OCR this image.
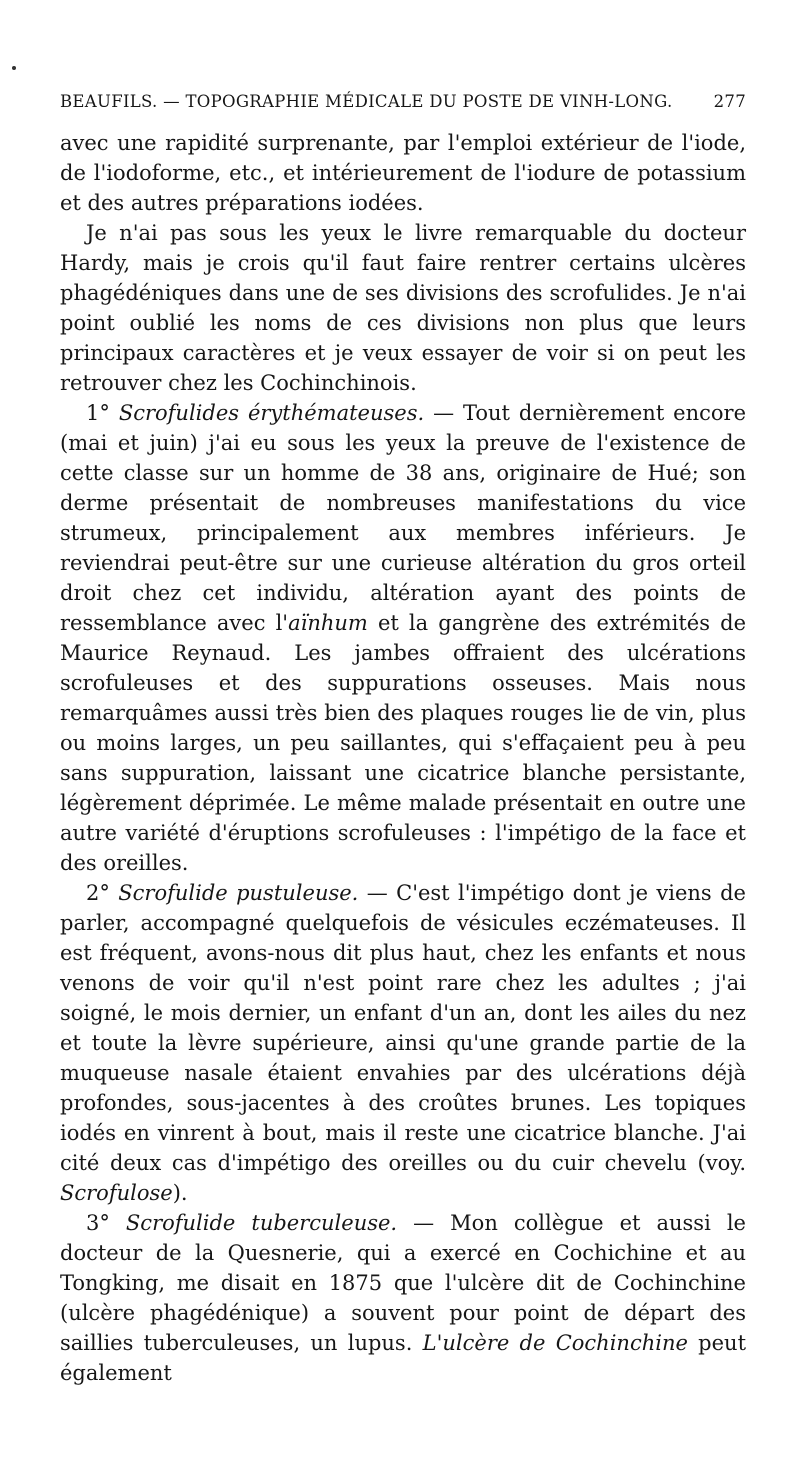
BEAUFILS. — TOPOGRAPHIE MÉDICALE DU POSTE DE VINH-LONG. 277

avec une rapidité surprenante, par l'emploi extérieur de l'iode, de l'iodoforme, etc., et intérieurement de l'iodure de potassium et des autres préparations iodées.

Je n'ai pas sous les yeux le livre remarquable du docteur Hardy, mais je crois qu'il faut faire rentrer certains ulcères phagédéniques dans une de ses divisions des scrofulides. Je n'ai point oublié les noms de ces divisions non plus que leurs principaux caractères et je veux essayer de voir si on peut les retrouver chez les Cochinchinois.

1° Scrofulides érythémateuses. — Tout dernièrement encore (mai et juin) j'ai eu sous les yeux la preuve de l'existence de cette classe sur un homme de 38 ans, originaire de Hué; son derme présentait de nombreuses manifestations du vice strumeux, principalement aux membres inférieurs. Je reviendrai peut-être sur une curieuse altération du gros orteil droit chez cet individu, altération ayant des points de ressemblance avec l'aïnhum et la gangrène des extrémités de Maurice Reynaud. Les jambes offraient des ulcérations scrofuleuses et des suppurations osseuses. Mais nous remarquâmes aussi très bien des plaques rouges lie de vin, plus ou moins larges, un peu saillantes, qui s'effaçaient peu à peu sans suppuration, laissant une cicatrice blanche persistante, légèrement déprimée. Le même malade présentait en outre une autre variété d'éruptions scrofuleuses : l'impétigo de la face et des oreilles.

2° Scrofulide pustuleuse. — C'est l'impétigo dont je viens de parler, accompagné quelquefois de vésicules eczémateuses. Il est fréquent, avons-nous dit plus haut, chez les enfants et nous venons de voir qu'il n'est point rare chez les adultes ; j'ai soigné, le mois dernier, un enfant d'un an, dont les ailes du nez et toute la lèvre supérieure, ainsi qu'une grande partie de la muqueuse nasale étaient envahies par des ulcérations déjà profondes, sous-jacentes à des croûtes brunes. Les topiques iodés en vinrent à bout, mais il reste une cicatrice blanche. J'ai cité deux cas d'impétigo des oreilles ou du cuir chevelu (voy. Scrofulose).

3° Scrofulide tuberculeuse. — Mon collègue et aussi le docteur de la Quesnerie, qui a exercé en Cochichine et au Tongking, me disait en 1875 que l'ulcère dit de Cochinchine (ulcère phagédénique) a souvent pour point de départ des saillies tuberculeuses, un lupus. L'ulcère de Cochinchine peut également
